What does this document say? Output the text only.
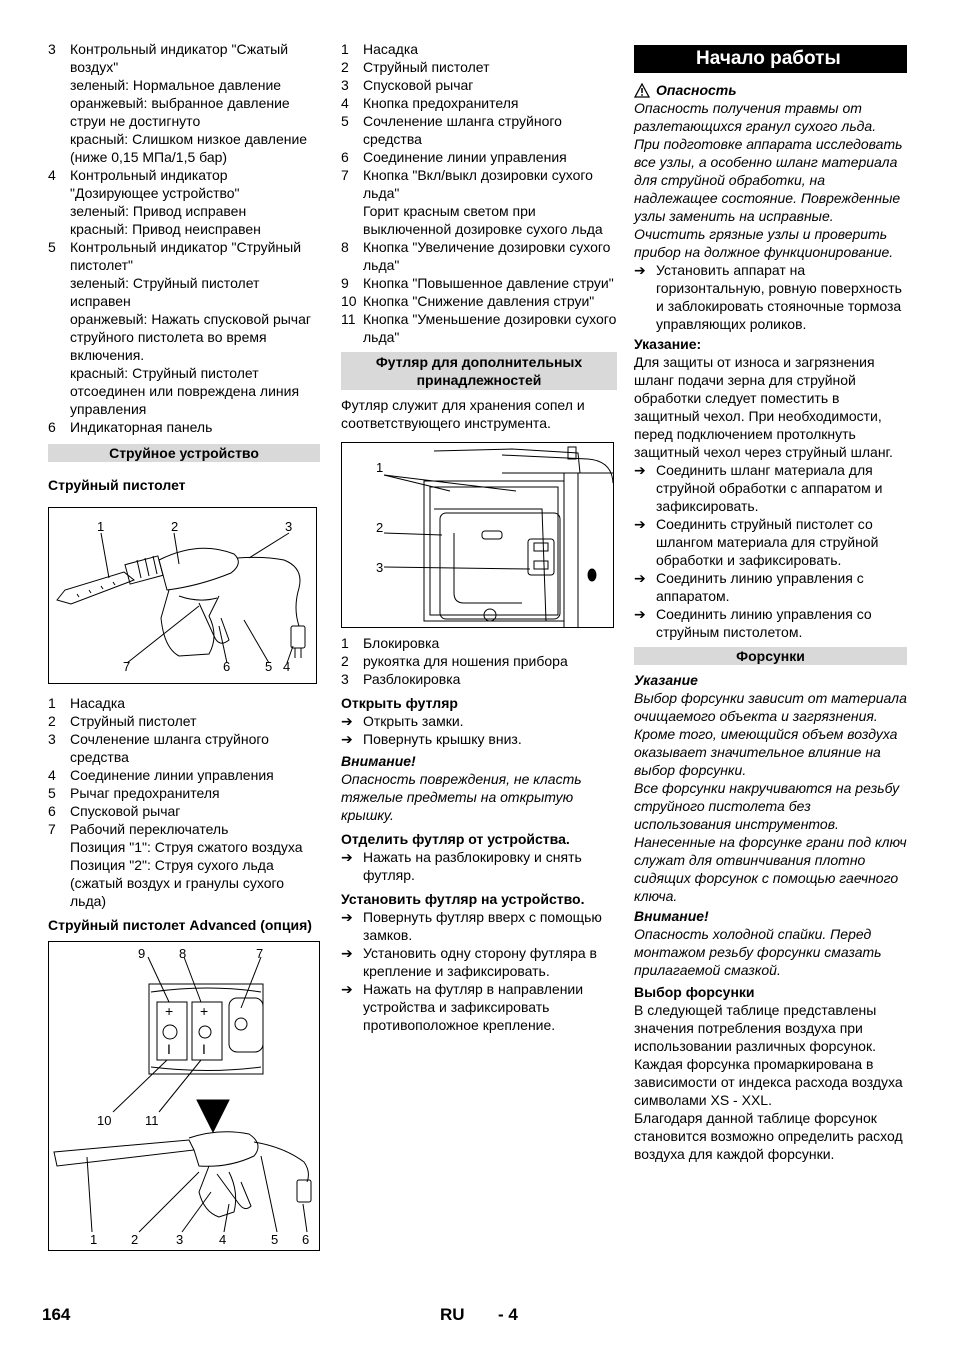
3	Контрольный индикатор "Сжатый воздух"
зеленый: Нормальное давление
оранжевый: выбранное давление струи не достигнуто
красный: Слишком низкое давление (ниже 0,15 МПа/1,5 бар)
4	Контрольный индикатор "Дозирующее устройство"
зеленый: Привод исправен
красный: Привод неисправен
5	Контрольный индикатор "Струйный пистолет"
зеленый: Струйный пистолет исправен
оранжевый: Нажать спусковой рычаг струйного пистолета во время включения.
красный: Струйный пистолет отсоединен или повреждена линия управления
6	Индикаторная панель
Струйное устройство
Струйный пистолет
1	2	3
7	6	5 4
1	Насадка
2	Струйный пистолет
3	Сочленение шланга струйного средства
4	Соединение линии управления
5	Рычаг предохранителя
6	Спусковой рычаг
7	Рабочий переключатель
Позиция "1": Струя сжатого воздуха
Позиция "2": Струя сухого льда (сжатый воздух и гранулы сухого льда)
Струйный пистолет Advanced (опция)
+ +
I I
9	8	7
10	11
1	2	3	4	5 6
1	Насадка
2	Струйный пистолет
3	Спусковой рычаг
4	Кнопка предохранителя
5	Сочленение шланга струйного средства
6	Соединение линии управления
7	Кнопка "Вкл/выкл дозировки сухого льда"
Горит красным светом при выключенной дозировке сухого льда
8	Кнопка "Увеличение дозировки сухого льда"
9	Кнопка "Повышенное давление струи"
10 Кнопка "Снижение давления струи"
11 Кнопка "Уменьшение дозировки сухого льда"
Футляр для дополнительных принадлежностей
Футляр служит для хранения сопел и соответствующего инструмента.
1
2
3
1	Блокировка
2	рукоятка для ношения прибора
3	Разблокировка
Открыть футляр
➔ Открыть замки.
➔ Повернуть крышку вниз.
Внимание!
Опасность повреждения, не класть тяжелые предметы на открытую крышку.
Отделить футляр от устройства.
➔ Нажать на разблокировку и снять футляр.
Установить футляр на устройство.
➔ Повернуть футляр вверх с помощью замков.
➔ Установить одну сторону футляра в крепление и зафиксировать.
➔ Нажать на футляр в направлении устройства и зафиксировать противоположное крепление.
Начало работы
Опасность
Опасность получения травмы от разлетающихся гранул сухого льда.
При подготовке аппарата исследовать все узлы, а особенно шланг материала для струйной обработки, на надлежащее состояние. Поврежденные узлы заменить на исправные. Очистить грязные узлы и проверить прибор на должное функционирование.
➔ Установить аппарат на горизонтальную, ровную поверхность и заблокировать стояночные тормоза управляющих роликов.
Указание:
Для защиты от износа и загрязнения шланг подачи зерна для струйной обработки следует поместить в защитный чехол. При необходимости, перед подключением протолкнуть защитный чехол через струйный шланг.
➔ Соединить шланг материала для струйной обработки с аппаратом и зафиксировать.
➔ Соединить струйный пистолет со шлангом материала для струйной обработки и зафиксировать.
➔ Соединить линию управления с аппаратом.
➔ Соединить линию управления со струйным пистолетом.
Форсунки
Указание
Выбор форсунки зависит от материала очищаемого объекта и загрязнения. Кроме того, имеющийся объем воздуха оказывает значительное влияние на выбор форсунки.
Все форсунки накручиваются на резьбу струйного пистолета без использования инструментов. Нанесенные на форсунке грани под ключ служат для отвинчивания плотно сидящих форсунок с помощью гаечного ключа.
Внимание!
Опасность холодной спайки. Перед монтажом резьбу форсунки смазать прилагаемой смазкой.
Выбор форсунки
В следующей таблице представлены значения потребления воздуха при использовании различных форсунок.
Каждая форсунка промаркирована в зависимости от индекса расхода воздуха символами XS - XXL.
Благодаря данной таблице форсунок становится возможно определить расход воздуха для каждой форсунки.
164	RU - 4
